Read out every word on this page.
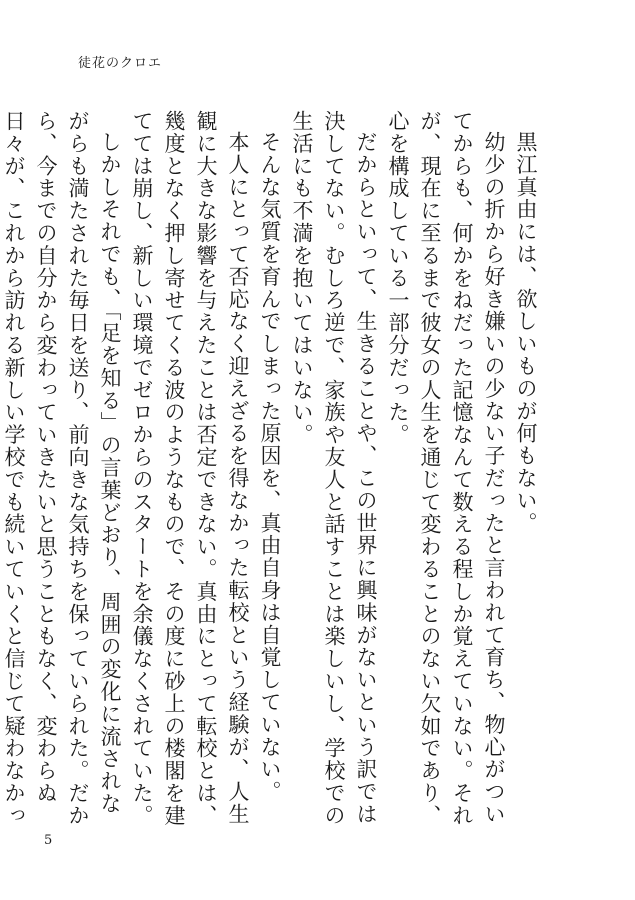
徒花のクロエ

黒江真由には、欲しいものが何もない。

幼少の折から好き嫌いの少ない子だったと言われて育ち、物心がついてからも、何かをねだった記憶なんて数える程しか覚えていない。それが、現在に至るまで彼女の人生を通じて変わることのない欠如であり、心を構成している一部分だった。

だからといって、生きることや、この世界に興味がないという訳では決してない。むしろ逆で、家族や友人と話すことは楽しいし、学校での生活にも不満を抱いてはいない。

そんな気質を育んでしまった原因を、真由自身は自覚していない。

本人にとって否応なく迎えざるを得なかった転校という経験が、人生観に大きな影響を与えたことは否定できない。真由にとって転校とは、幾度となく押し寄せてくる波のようなもので、その度に砂上の楼閣を建てては崩し、新しい環境でゼロからのスタートを余儀なくされていた。

しかしそれでも、「足を知る」の言葉どおり、周囲の変化に流されながらも満たされた毎日を送り、前向きな気持ちを保っていられた。だから、今までの自分から変わっていきたいと思うこともなく、変わらぬ日々が、これから訪れる新しい学校でも続いていくと信じて疑わなかっ

5
